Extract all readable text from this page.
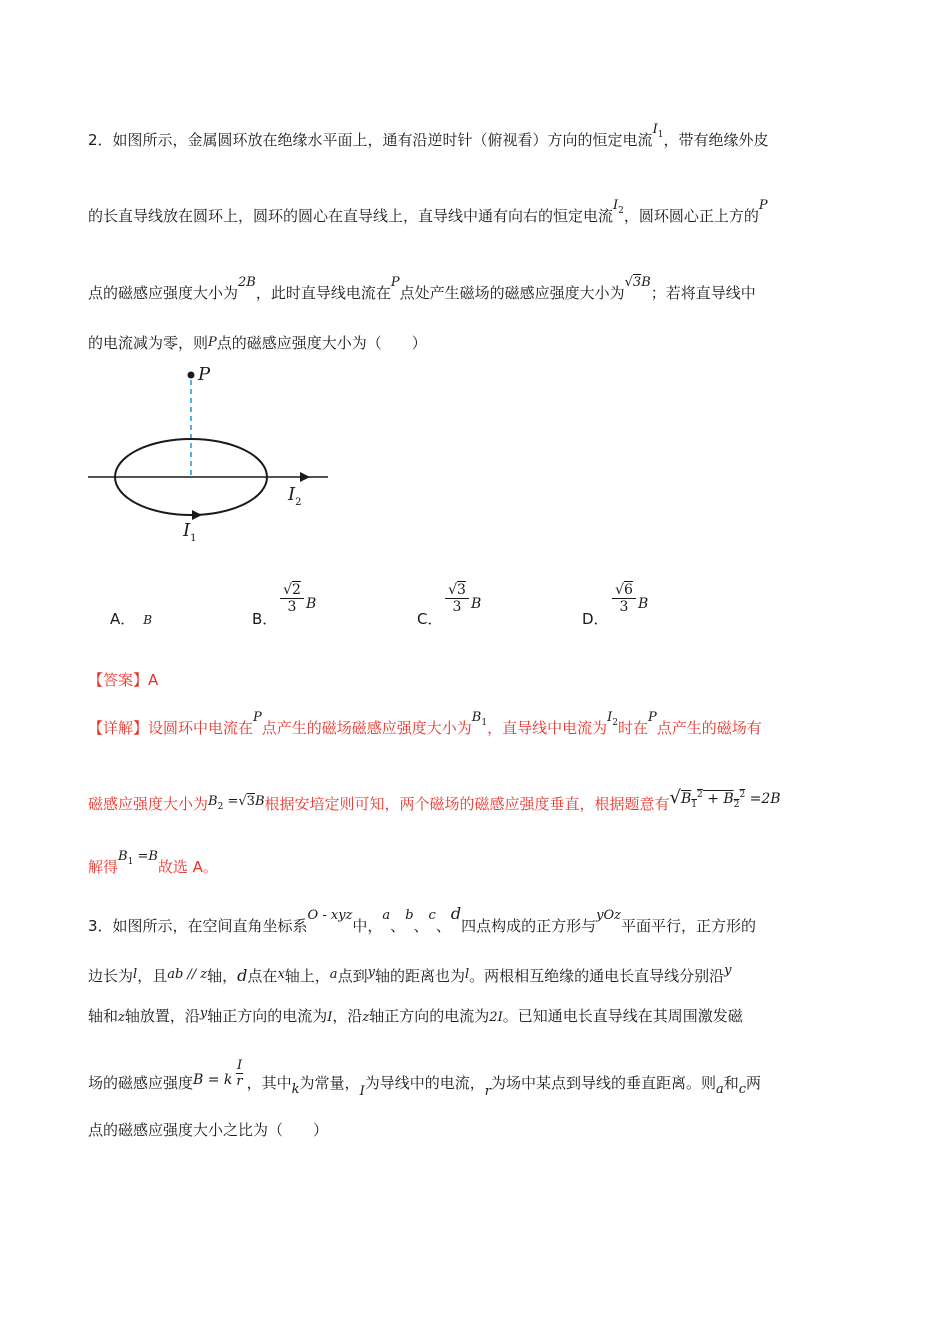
2．如图所示，金属圆环放在绝缘水平面上，通有沿逆时针（俯视看）方向的恒定电流$I_1$，带有绝缘外皮
的长直导线放在圆环上，圆环的圆心在直导线上，直导线中通有向右的恒定电流$I_2$，圆环圆心正上方的P
点的磁感应强度大小为2B，此时直导线电流在P点处产生磁场的磁感应强度大小为√3B；若将直导线中
的电流减为零，则P点的磁感应强度大小为（　　）
P
$I_2$
$I_1$
A． B	B．
$\frac{√2}{3}$ B
C．
$\frac{√3}{3}$ B
D．
$\frac{√6}{3}$ B
【答案】A
【详解】设圆环中电流在P点产生的磁场磁感应强度大小为$B_1$，直导线中电流为$I_2$时在P点产生的磁场有
磁感应强度大小为$B_2 =√3B$根据安培定则可知，两个磁场的磁感应强度垂直，根据题意有$√B_1^2 + B_2^2 =2B$
解得$B_1 =B$故选 A。
3．如图所示，在空间直角坐标系O - xyz中，a、b、c、d四点构成的正方形与yOz平面平行，正方形的
边长为l，且ab // z轴，d点在x轴上，a点到y轴的距离也为l。两根相互绝缘的通电长直导线分别沿y
轴和z轴放置，沿y轴正方向的电流为I，沿z轴正方向的电流为2I。已知通电长直导线在其周围激发磁
场的磁感应强度B = k $\frac{I}{r}$ ，其中k为常量，I为导线中的电流，r为场中某点到导线的垂直距离。则a和c两
点的磁感应强度大小之比为（　　）
